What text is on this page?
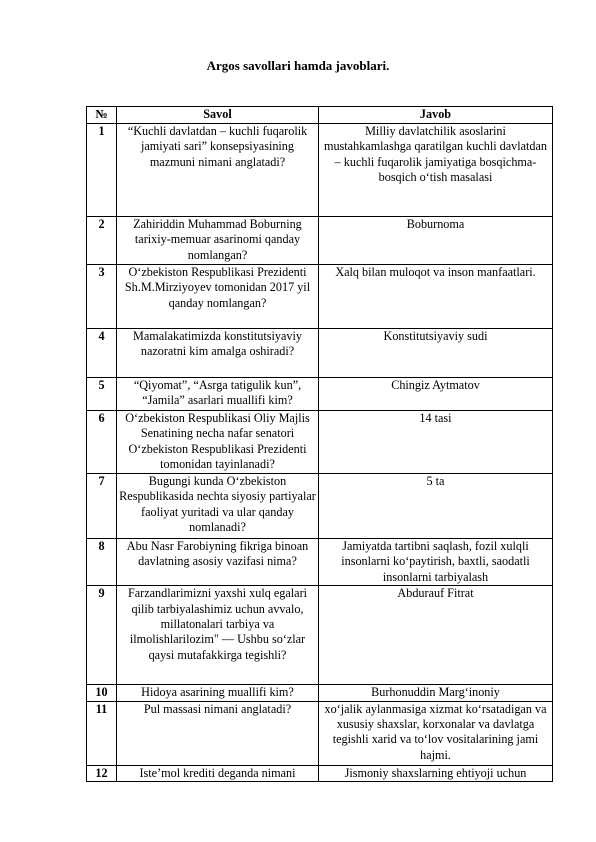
Argos savollari hamda javoblari.
№	Savol	Javob
1	“Kuchli davlatdan – kuchli fuqarolik jamiyati sari” konsepsiyasining mazmuni nimani anglatadi?	Milliy davlatchilik asoslarini mustahkamlashga qaratilgan kuchli davlatdan – kuchli fuqarolik jamiyatiga bosqichma-bosqich o‘tish masalasi
2	Zahiriddin Muhammad Boburning tarixiy-memuar asarinomi qanday nomlangan?	Boburnoma
3	O‘zbekiston Respublikasi Prezidenti Sh.M.Mirziyoyev tomonidan 2017 yil qanday nomlangan?	Xalq bilan muloqot va inson manfaatlari.
4	Mamalakatimizda konstitutsiyaviy nazoratni kim amalga oshiradi?	Konstitutsiyaviy sudi
5	“Qiyomat”, “Asrga tatigulik kun”, “Jamila” asarlari muallifi kim?	Chingiz Aytmatov
6	O‘zbekiston Respublikasi Oliy Majlis Senatining necha nafar senatori O‘zbekiston Respublikasi Prezidenti tomonidan tayinlanadi?	14 tasi
7	Bugungi kunda O‘zbekiston Respublikasida nechta siyosiy partiyalar faoliyat yuritadi va ular qanday nomlanadi?	5 ta
8	Abu Nasr Farobiyning fikriga binoan davlatning asosiy vazifasi nima?	Jamiyatda tartibni saqlash, fozil xulqli insonlarni ko‘paytirish, baxtli, saodatli insonlarni tarbiyalash
9	Farzandlarimizni yaxshi xulq egalari qilib tarbiyalashimiz uchun avvalo, millatonalari tarbiya va ilmolishlarilozim" — Ushbu so‘zlar qaysi mutafakkirga tegishli?	Abdurauf Fitrat
10	Hidoya asarining muallifi kim?	Burhonuddin Marg‘inoniy
11	Pul massasi nimani anglatadi?	xo‘jalik aylanmasiga xizmat ko‘rsatadigan va xususiy shaxslar, korxonalar va davlatga tegishli xarid va to‘lov vositalarining jami hajmi.
12	Iste’mol krediti deganda nimani	Jismoniy shaxslarning ehtiyoji uchun
